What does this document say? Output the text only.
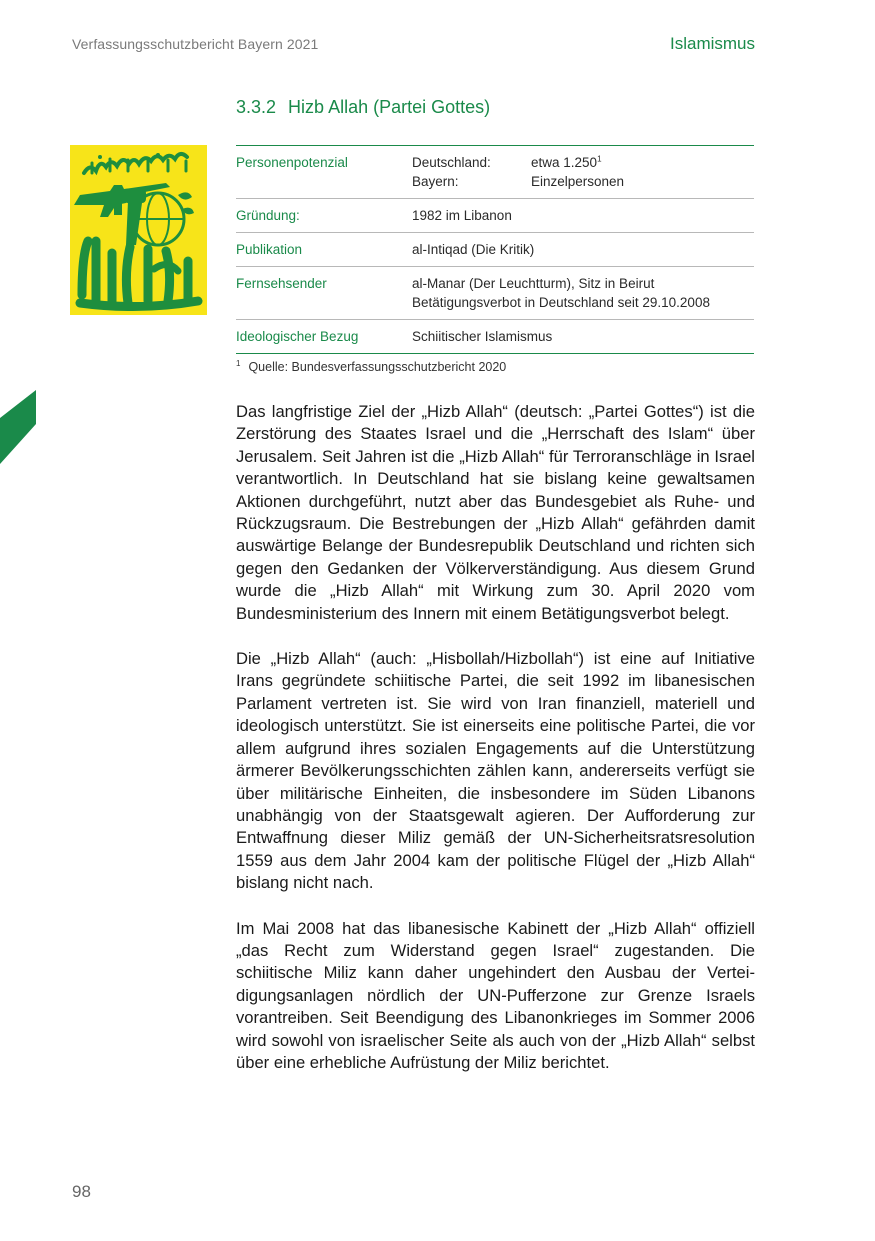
Verfassungsschutzbericht Bayern 2021	Islamismus
3.3.2 Hizb Allah (Partei Gottes)
Personenpotenzial	Deutschland: etwa 1.250$^1$
Bayern: Einzelpersonen

Gründung:	1982 im Libanon
Publikation	al-Intiqad (Die Kritik)
Fernsehsender	al-Manar (Der Leuchtturm), Sitz in Beirut
Betätigungsverbot in Deutschland seit 29.10.2008

Ideologischer Bezug	Schiitischer Islamismus
$^1$ Quelle: Bundesverfassungsschutzbericht 2020

Das langfristige Ziel der „Hizb Allah“ (deutsch: „Partei Gottes“) ist die Zerstörung des Staates Israel und die „Herrschaft des Islam“ über Jerusalem. Seit Jahren ist die „Hizb Allah“ für Terroranschläge in Israel verantwortlich. In Deutschland hat sie bislang keine gewaltsamen Aktionen durchgeführt, nutzt aber das Bundesgebiet als Ruhe- und Rückzugsraum. Die Bestrebungen der „Hizb Allah“ gefährden damit auswärtige Belange der Bundesrepublik Deutschland und richten sich gegen den Gedanken der Völkerverständigung. Aus diesem Grund wurde die „Hizb Allah“ mit Wirkung zum 30. April 2020 vom Bundesministerium des Innern mit einem Betätigungsverbot belegt.

Die „Hizb Allah“ (auch: „Hisbollah/Hizbollah“) ist eine auf Initiative Irans gegründete schiitische Partei, die seit 1992 im libanesischen Parlament vertreten ist. Sie wird von Iran finanziell, materiell und ideologisch unterstützt. Sie ist einerseits eine politische Partei, die vor allem aufgrund ihres sozialen Engagements auf die Unterstützung ärmerer Bevölkerungsschichten zählen kann, andererseits verfügt sie über militärische Einheiten, die insbesondere im Süden Libanons unabhängig von der Staatsgewalt agieren. Der Aufforderung zur Entwaffnung dieser Miliz gemäß der UN-Sicherheitsratsresolution 1559 aus dem Jahr 2004 kam der politische Flügel der „Hizb Allah“ bislang nicht nach.

Im Mai 2008 hat das libanesische Kabinett der „Hizb Allah“ offiziell „das Recht zum Widerstand gegen Israel“ zugestanden. Die schiitische Miliz kann daher ungehindert den Ausbau der Verteidigungsanlagen nördlich der UN-Pufferzone zur Grenze Israels vorantreiben. Seit Beendigung des Libanonkrieges im Sommer 2006 wird sowohl von israelischer Seite als auch von der „Hizb Allah“ selbst über eine erhebliche Aufrüstung der Miliz berichtet.

98
